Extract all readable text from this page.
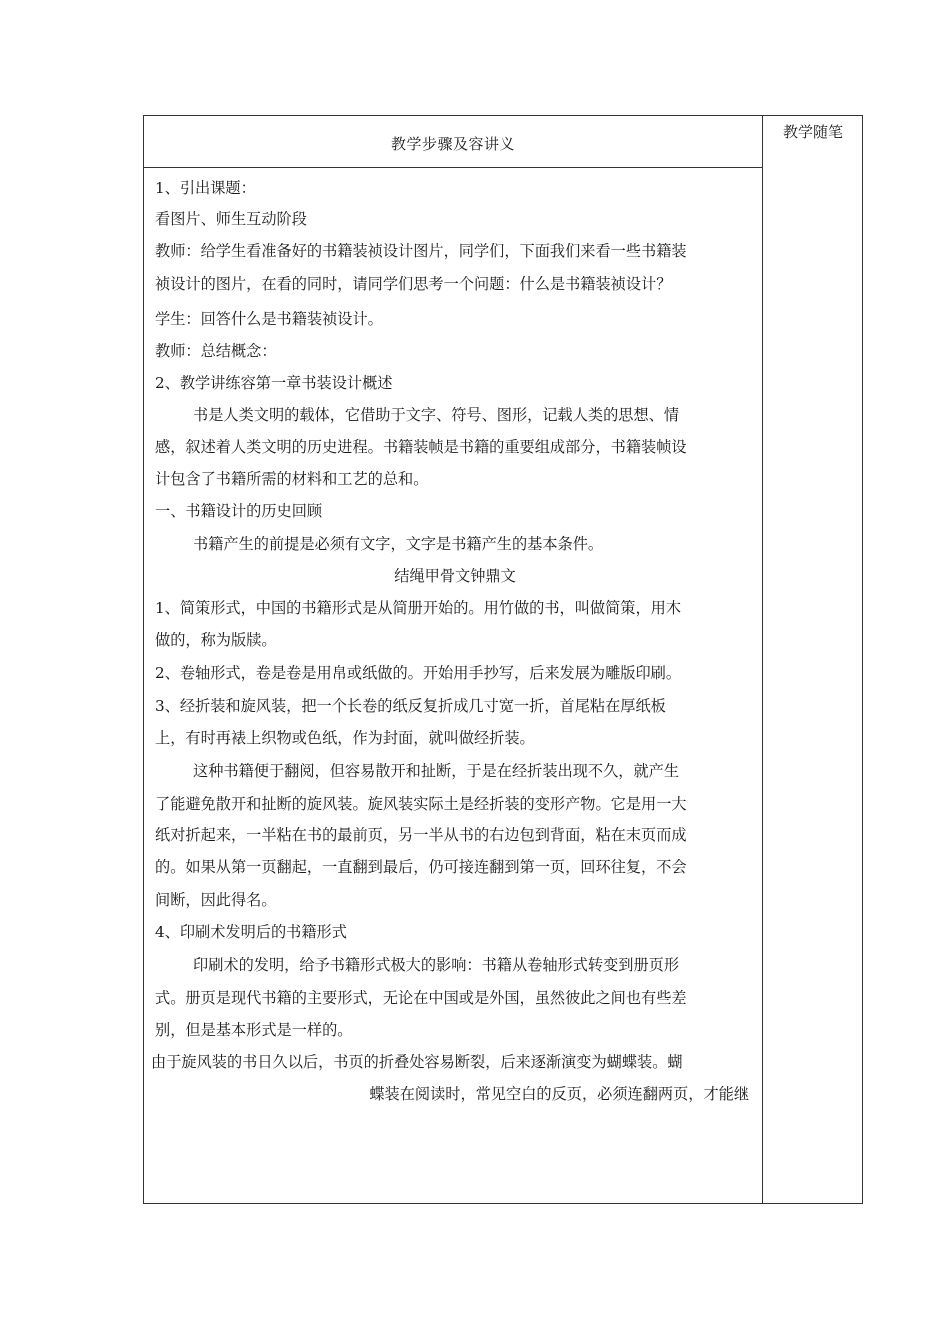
教学步骤及容讲义
教学随笔
1、引出课题：
看图片、师生互动阶段
教师：给学生看准备好的书籍装祯设计图片，同学们，下面我们来看一些书籍装
祯设计的图片，在看的同时，请同学们思考一个问题：什么是书籍装祯设计？
学生：回答什么是书籍装祯设计。
教师：总结概念：
2、教学讲练容第一章书装设计概述
书是人类文明的载体，它借助于文字、符号、图形，记载人类的思想、情
感，叙述着人类文明的历史进程。书籍装帧是书籍的重要组成部分，书籍装帧设
计包含了书籍所需的材料和工艺的总和。
一、书籍设计的历史回顾
书籍产生的前提是必须有文字，文字是书籍产生的基本条件。
结绳甲骨文钟鼎文
1、简策形式，中国的书籍形式是从简册开始的。用竹做的书，叫做简策，用木
做的，称为版牍。
2、卷轴形式，卷是卷是用帛或纸做的。开始用手抄写，后来发展为雕版印刷。
3、经折装和旋风装，把一个长卷的纸反复折成几寸宽一折，首尾粘在厚纸板
上，有时再裱上织物或色纸，作为封面，就叫做经折装。
这种书籍便于翻阅，但容易散开和扯断，于是在经折装出现不久，就产生
了能避免散开和扯断的旋风装。旋风装实际土是经折装的变形产物。它是用一大
纸对折起来，一半粘在书的最前页，另一半从书的右边包到背面，粘在末页而成
的。如果从第一页翻起，一直翻到最后，仍可接连翻到第一页，回环往复，不会
间断，因此得名。
4、印刷术发明后的书籍形式
印刷术的发明，给予书籍形式极大的影响：书籍从卷轴形式转变到册页形
式。册页是现代书籍的主要形式，无论在中国或是外国，虽然彼此之间也有些差
别，但是基本形式是一样的。
由于旋风装的书日久以后，书页的折叠处容易断裂，后来逐渐演变为蝴蝶装。蝴
蝶装在阅读时，常见空白的反页，必须连翻两页，才能继
